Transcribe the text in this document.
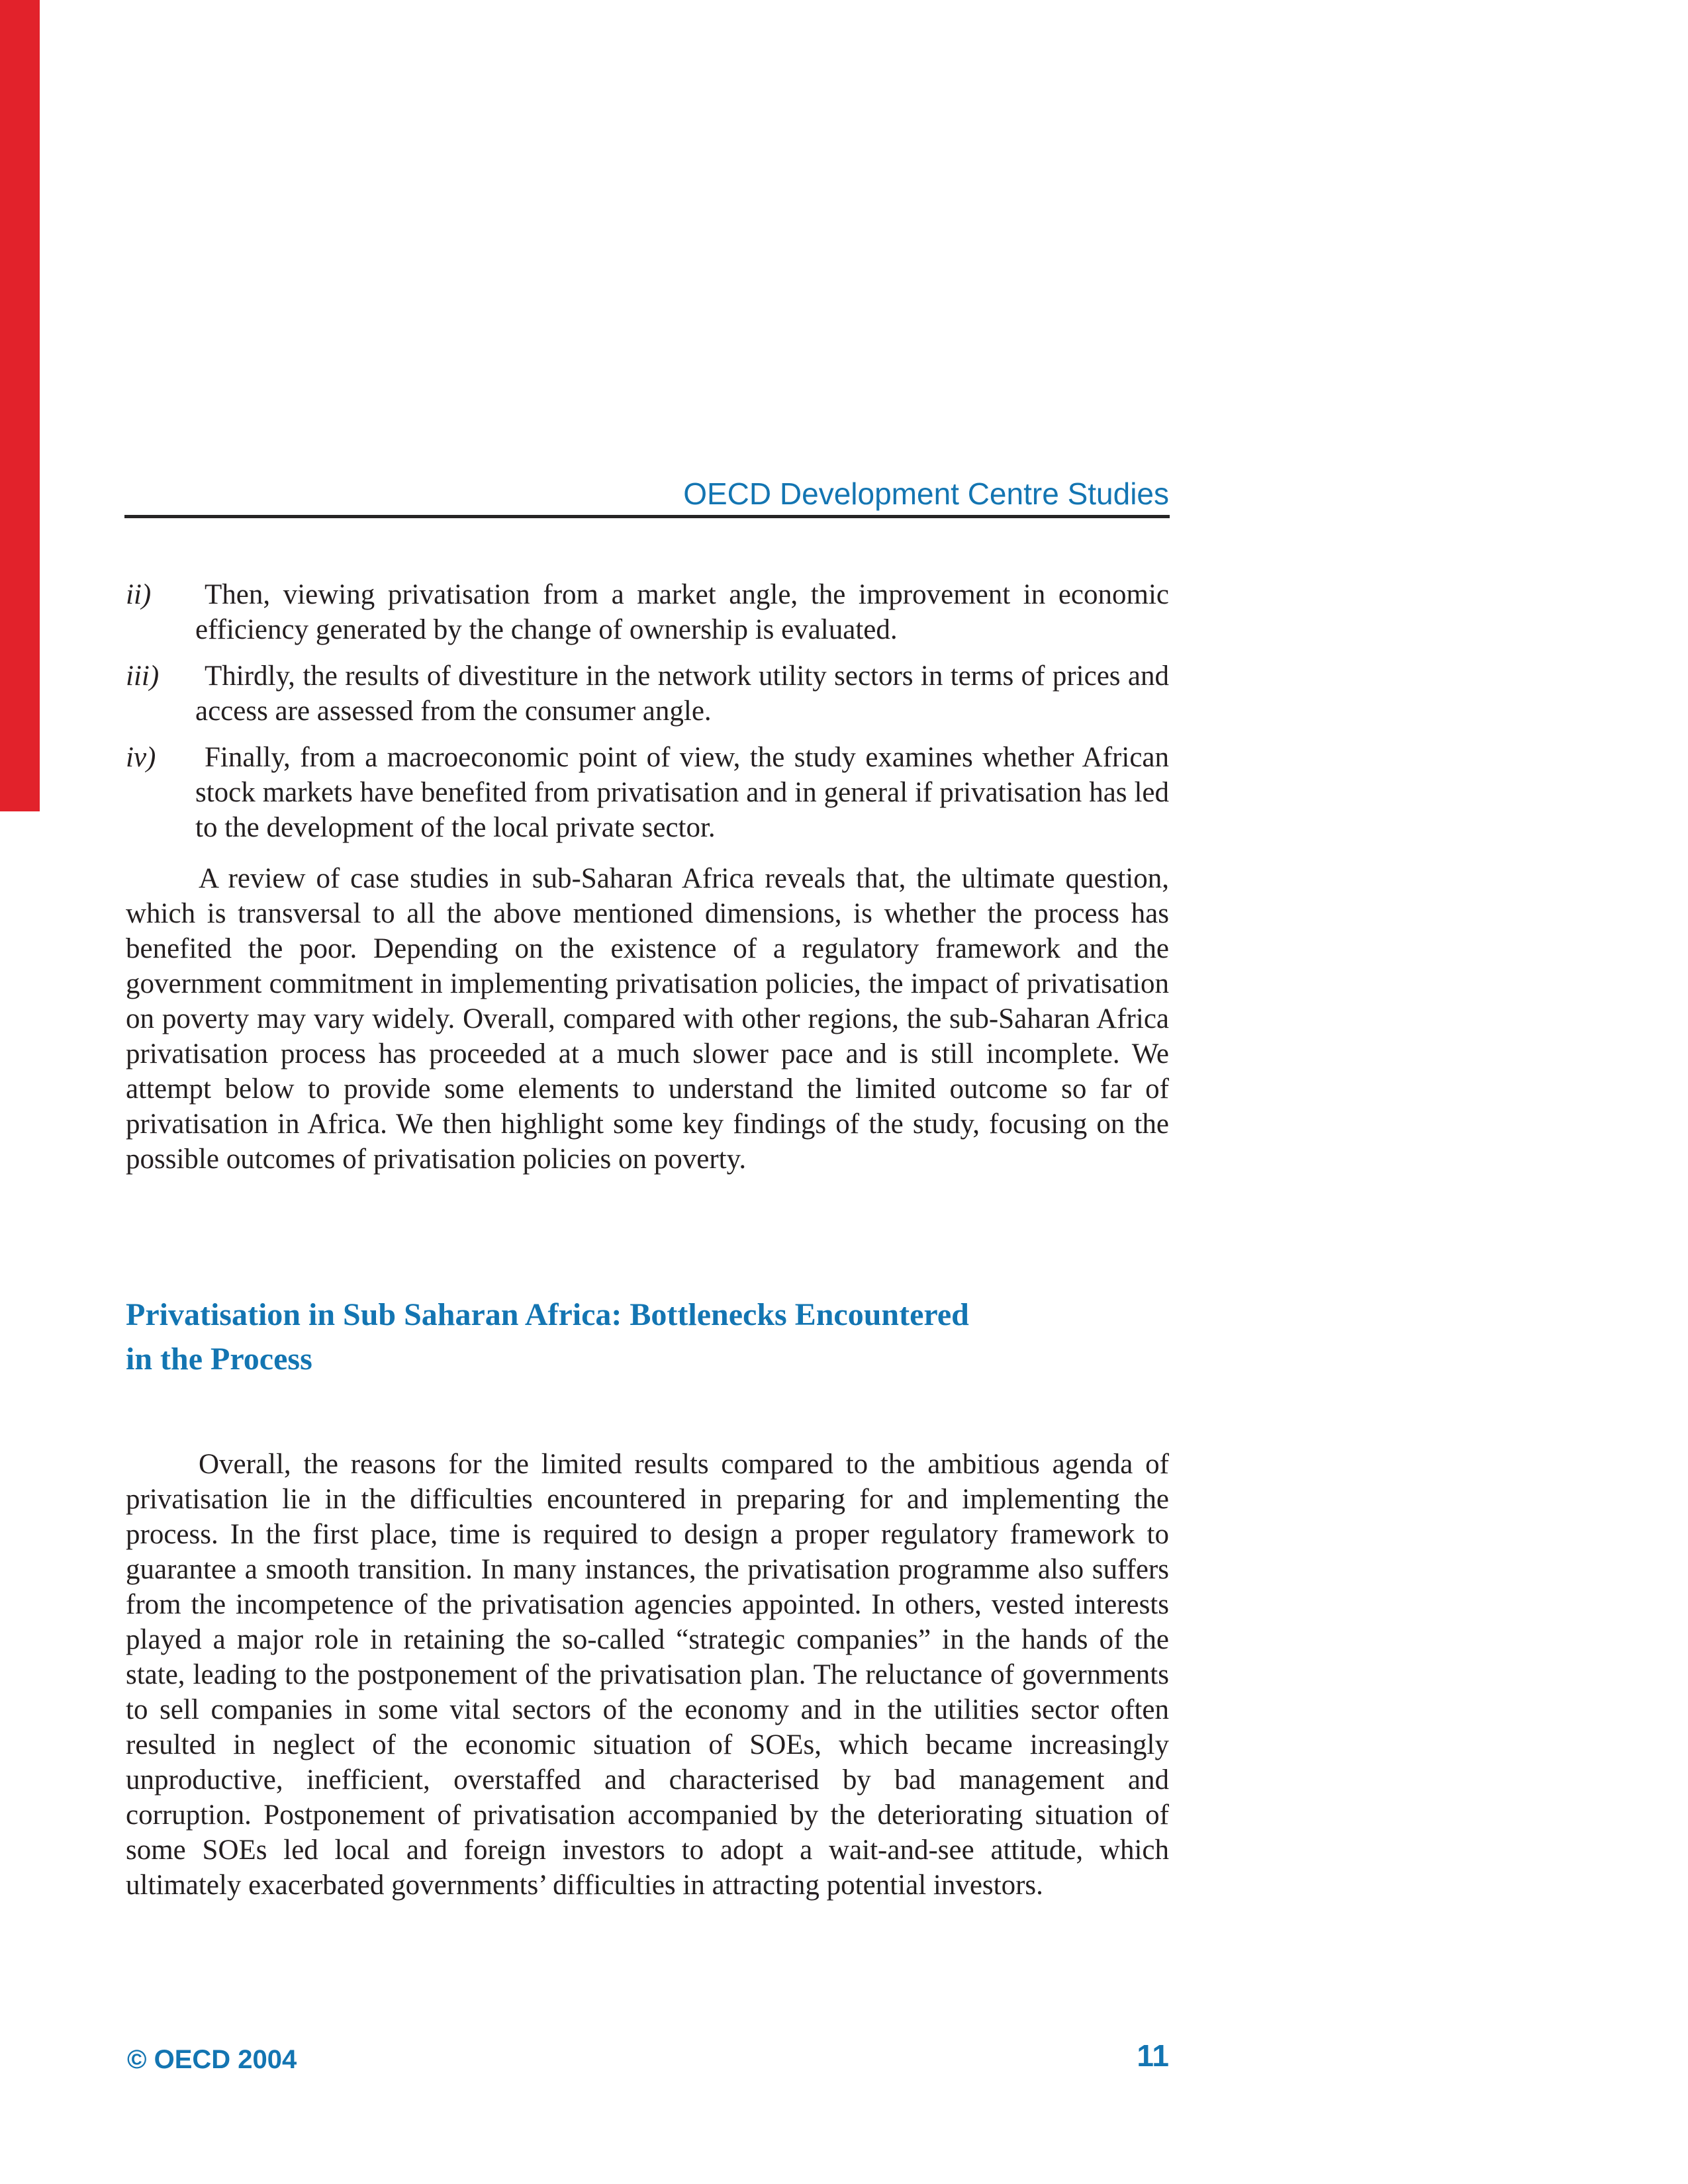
OECD Development Centre Studies
ii)	Then, viewing privatisation from a market angle, the improvement in economic efficiency generated by the change of ownership is evaluated.

iii)	Thirdly, the results of divestiture in the network utility sectors in terms of prices and access are assessed from the consumer angle.

iv)	Finally, from a macroeconomic point of view, the study examines whether African stock markets have benefited from privatisation and in general if privatisation has led to the development of the local private sector.

A review of case studies in sub-Saharan Africa reveals that, the ultimate question, which is transversal to all the above mentioned dimensions, is whether the process has benefited the poor. Depending on the existence of a regulatory framework and the government commitment in implementing privatisation policies, the impact of privatisation on poverty may vary widely. Overall, compared with other regions, the sub-Saharan Africa privatisation process has proceeded at a much slower pace and is still incomplete. We attempt below to provide some elements to understand the limited outcome so far of privatisation in Africa. We then highlight some key findings of the study, focusing on the possible outcomes of privatisation policies on poverty.

Privatisation in Sub Saharan Africa: Bottlenecks Encountered
in the Process

Overall, the reasons for the limited results compared to the ambitious agenda of privatisation lie in the difficulties encountered in preparing for and implementing the process. In the first place, time is required to design a proper regulatory framework to guarantee a smooth transition. In many instances, the privatisation programme also suffers from the incompetence of the privatisation agencies appointed. In others, vested interests played a major role in retaining the so-called “strategic companies” in the hands of the state, leading to the postponement of the privatisation plan. The reluctance of governments to sell companies in some vital sectors of the economy and in the utilities sector often resulted in neglect of the economic situation of SOEs, which became increasingly unproductive, inefficient, overstaffed and characterised by bad management and corruption. Postponement of privatisation accompanied by the deteriorating situation of some SOEs led local and foreign investors to adopt a wait-and-see attitude, which ultimately exacerbated governments’ difficulties in attracting potential investors.

© OECD 2004	11
